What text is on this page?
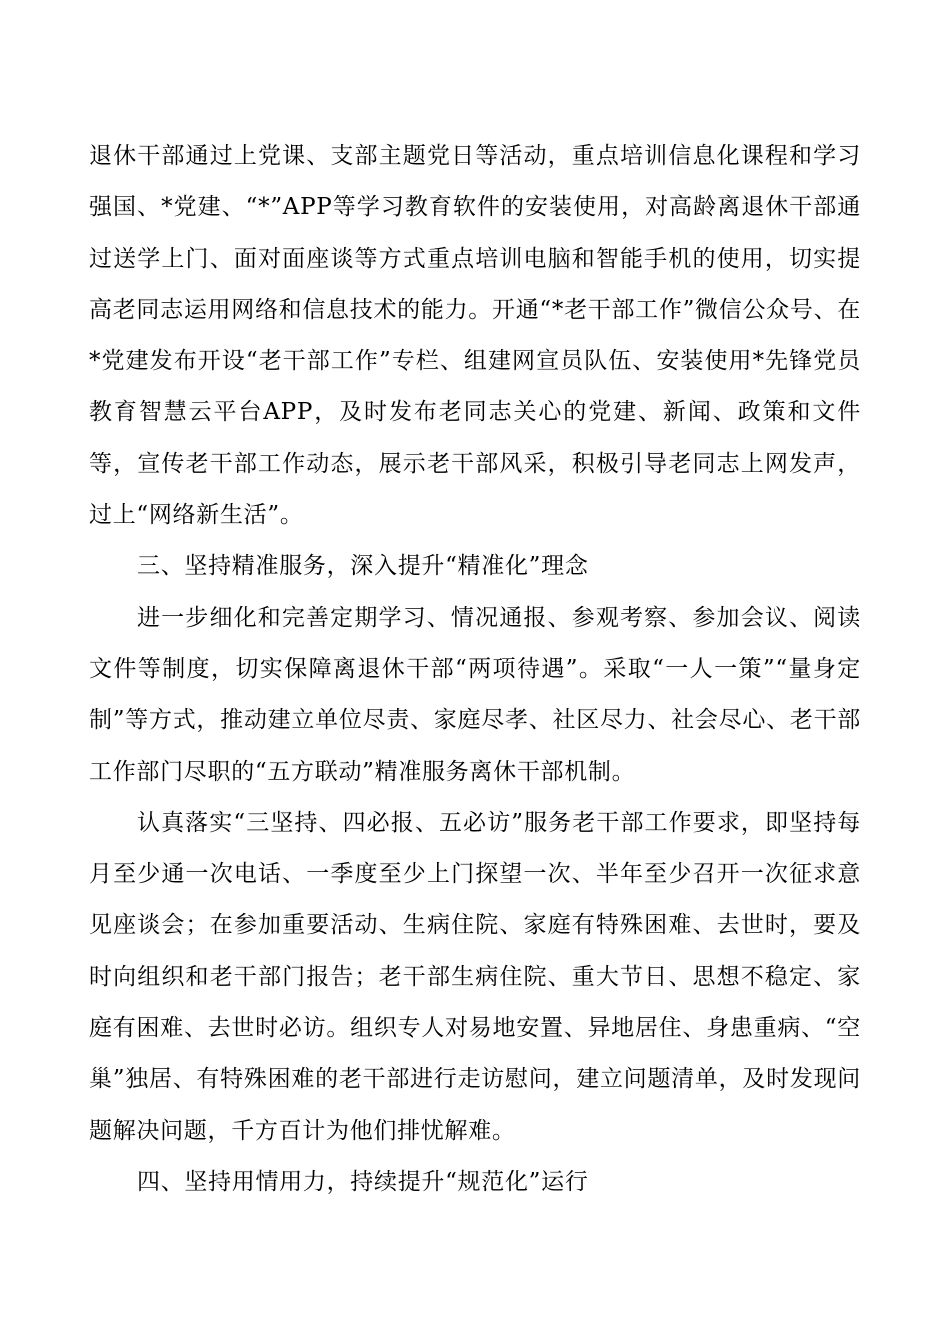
退休干部通过上党课、支部主题党日等活动，重点培训信息化课程和学习强国、*党建、“*”APP等学习教育软件的安装使用，对高龄离退休干部通过送学上门、面对面座谈等方式重点培训电脑和智能手机的使用，切实提高老同志运用网络和信息技术的能力。开通“*老干部工作”微信公众号、在*党建发布开设“老干部工作”专栏、组建网宣员队伍、安装使用*先锋党员教育智慧云平台APP，及时发布老同志关心的党建、新闻、政策和文件等，宣传老干部工作动态，展示老干部风采，积极引导老同志上网发声，过上“网络新生活”。

三、坚持精准服务，深入提升“精准化”理念

进一步细化和完善定期学习、情况通报、参观考察、参加会议、阅读文件等制度，切实保障离退休干部“两项待遇”。采取“一人一策”“量身定制”等方式，推动建立单位尽责、家庭尽孝、社区尽力、社会尽心、老干部工作部门尽职的“五方联动”精准服务离休干部机制。

认真落实“三坚持、四必报、五必访”服务老干部工作要求，即坚持每月至少通一次电话、一季度至少上门探望一次、半年至少召开一次征求意见座谈会；在参加重要活动、生病住院、家庭有特殊困难、去世时，要及时向组织和老干部门报告；老干部生病住院、重大节日、思想不稳定、家庭有困难、去世时必访。组织专人对易地安置、异地居住、身患重病、“空巢”独居、有特殊困难的老干部进行走访慰问，建立问题清单，及时发现问题解决问题，千方百计为他们排忧解难。

四、坚持用情用力，持续提升“规范化”运行
